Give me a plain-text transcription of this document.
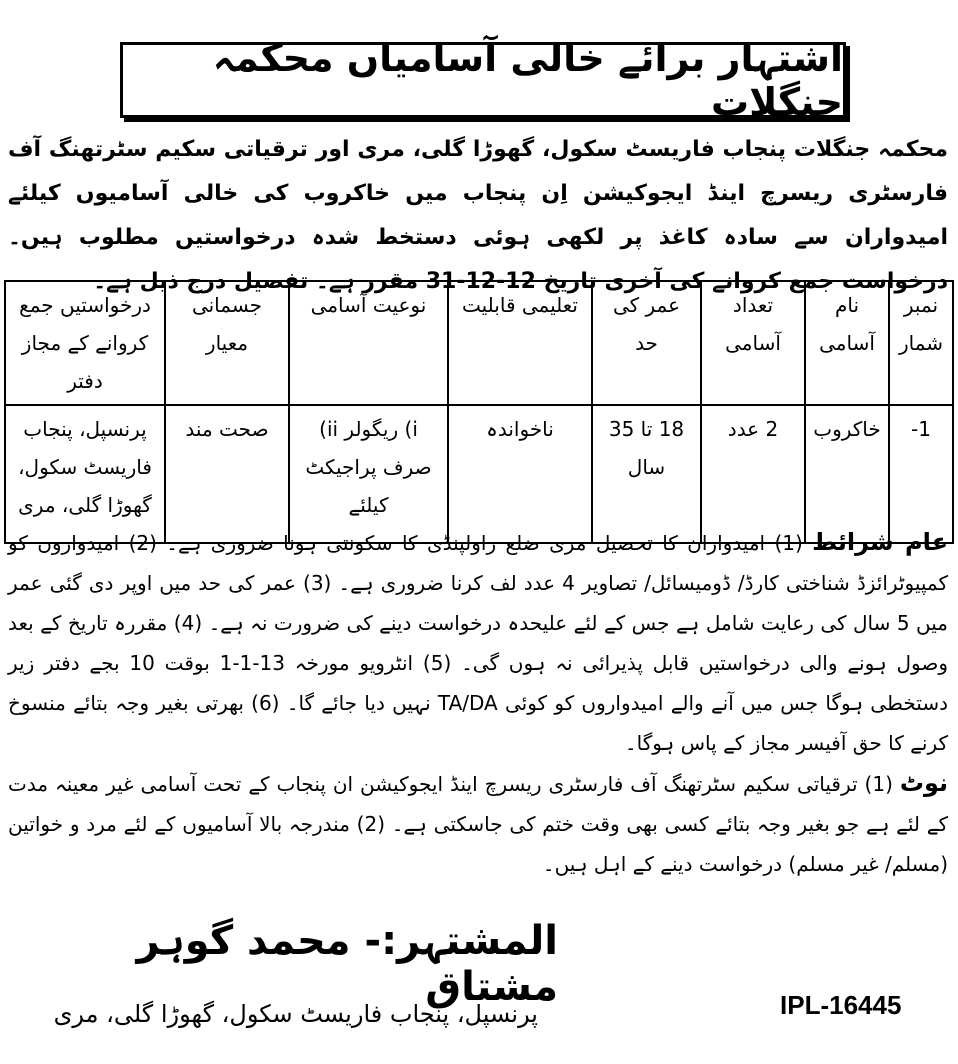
اشتہار برائے خالی آسامیاں محکمہ جنگلات
محکمہ جنگلات پنجاب فاریسٹ سکول، گھوڑا گلی، مری اور ترقیاتی سکیم سٹرتھنگ آف فارسٹری ریسرچ اینڈ ایجوکیشن اِن پنجاب میں خاکروب کی خالی آسامیوں کیلئے امیدواران سے سادہ کاغذ پر لکھی ہوئی دستخط شدہ درخواستیں مطلوب ہیں۔ درخواست جمع کروانے کی آخری تاریخ 12-12-31 مقرر ہے۔ تفصیل درج ذیل ہے۔
نمبر شمار	نام آسامی	تعداد آسامی	عمر کی حد	تعلیمی قابلیت	نوعیت آسامی	جسمانی معیار	درخواستیں جمع کروانے کے مجاز دفتر
1-	خاکروب	2 عدد	18 تا 35 سال	ناخواندہ	i) ریگولر ii) صرف پراجیکٹ کیلئے	صحت مند	پرنسپل، پنجاب فاریسٹ سکول، گھوڑا گلی، مری

عام شرائط (1) امیدواران کا تحصیل مری ضلع راولپنڈی کا سکونتی ہونا ضروری ہے۔ (2) امیدواروں کو کمپیوٹرائزڈ شناختی کارڈ/ ڈومیسائل/ تصاویر 4 عدد لف کرنا ضروری ہے۔ (3) عمر کی حد میں اوپر دی گئی عمر میں 5 سال کی رعایت شامل ہے جس کے لئے علیحدہ درخواست دینے کی ضرورت نہ ہے۔ (4) مقررہ تاریخ کے بعد وصول ہونے والی درخواستیں قابل پذیرائی نہ ہوں گی۔ (5) انٹرویو مورخہ 13-1-1 بوقت 10 بجے دفتر زیر دستخطی ہوگا جس میں آنے والے امیدواروں کو کوئی TA/DA نہیں دیا جائے گا۔ (6) بھرتی بغیر وجہ بتائے منسوخ کرنے کا حق آفیسر مجاز کے پاس ہوگا۔

نوٹ (1) ترقیاتی سکیم سٹرتھنگ آف فارسٹری ریسرچ اینڈ ایجوکیشن ان پنجاب کے تحت آسامی غیر معینہ مدت کے لئے ہے جو بغیر وجہ بتائے کسی بھی وقت ختم کی جاسکتی ہے۔ (2) مندرجہ بالا آسامیوں کے لئے مرد و خواتین (مسلم/ غیر مسلم) درخواست دینے کے اہل ہیں۔

المشتہر:- محمد گوہر مشتاق
پرنسپل، پنجاب فاریسٹ سکول، گھوڑا گلی، مری	IPL-16445
